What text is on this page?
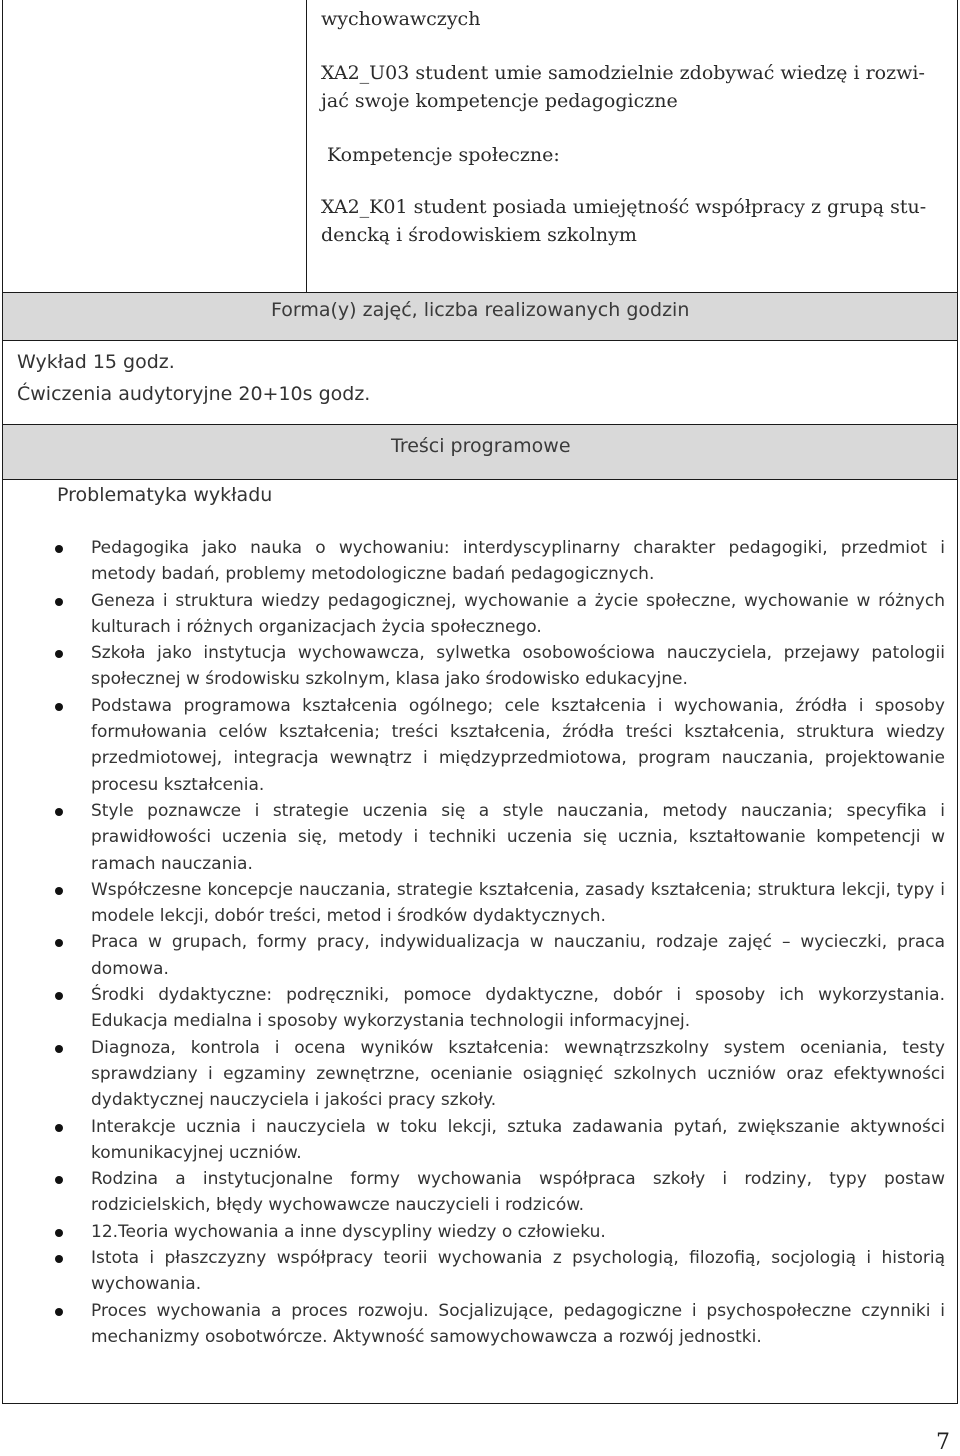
wychowawczych
XA2_U03 student umie samodzielnie zdobywać wiedzę i rozwi-
jać swoje kompetencje pedagogiczne
Kompetencje społeczne:
XA2_K01 student posiada umiejętność współpracy z grupą stu-
dencką i środowiskiem szkolnym
Forma(y) zajęć, liczba realizowanych godzin
Wykład 15 godz.
Ćwiczenia audytoryjne 20+10s godz.
Treści programowe
Problematyka wykładu
Pedagogika jako nauka o wychowaniu: interdyscyplinarny charakter pedagogiki, przedmiot i metody badań, problemy metodologiczne badań pedagogicznych.
Geneza i struktura wiedzy pedagogicznej, wychowanie a życie społeczne, wychowanie w różnych kulturach i różnych organizacjach życia społecznego.
Szkoła jako instytucja wychowawcza, sylwetka osobowościowa nauczyciela, przejawy patologii społecznej w środowisku szkolnym, klasa jako środowisko edukacyjne.
Podstawa programowa kształcenia ogólnego; cele kształcenia i wychowania, źródła i sposoby formułowania celów kształcenia; treści kształcenia, źródła treści kształcenia, struktura wiedzy przedmiotowej, integracja wewnątrz i międzyprzedmiotowa, program nauczania, projektowanie procesu kształcenia.
Style poznawcze i strategie uczenia się a style nauczania, metody nauczania; specyfika i prawidłowości uczenia się, metody i techniki uczenia się ucznia, kształtowanie kompetencji w ramach nauczania.
Współczesne koncepcje nauczania, strategie kształcenia, zasady kształcenia; struktura lekcji, typy i modele lekcji, dobór treści, metod i środków dydaktycznych.
Praca w grupach, formy pracy, indywidualizacja w nauczaniu, rodzaje zajęć – wycieczki, praca domowa.
Środki dydaktyczne: podręczniki, pomoce dydaktyczne, dobór i sposoby ich wykorzystania. Edukacja medialna i sposoby wykorzystania technologii informacyjnej.
Diagnoza, kontrola i ocena wyników kształcenia: wewnątrzszkolny system oceniania, testy sprawdziany i egzaminy zewnętrzne, ocenianie osiągnięć szkolnych uczniów oraz efektywności dydaktycznej nauczyciela i jakości pracy szkoły.
Interakcje ucznia i nauczyciela w toku lekcji, sztuka zadawania pytań, zwiększanie aktywności komunikacyjnej uczniów.
Rodzina a instytucjonalne formy wychowania współpraca szkoły i rodziny, typy postaw rodzicielskich, błędy wychowawcze nauczycieli i rodziców.
12.Teoria wychowania a inne dyscypliny wiedzy o człowieku.
Istota i płaszczyzny współpracy teorii wychowania z psychologią, filozofią, socjologią i historią wychowania.
Proces wychowania a proces rozwoju. Socjalizujące, pedagogiczne i psychospołeczne czynniki i mechanizmy osobotwórcze. Aktywność samowychowawcza a rozwój jednostki.
7
